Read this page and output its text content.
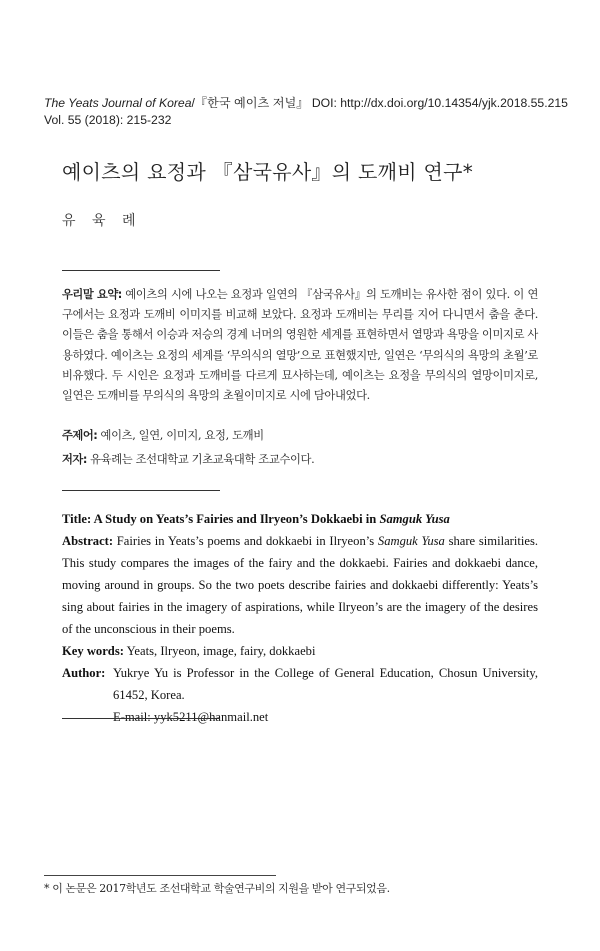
The Yeats Journal of Korea/『한국 예이츠 저널』 DOI: http://dx.doi.org/10.14354/yjk.2018.55.215
Vol. 55 (2018): 215-232
예이츠의 요정과 『삼국유사』의 도깨비 연구*
유 육 례

우리말 요약: 예이츠의 시에 나오는 요정과 일연의 『삼국유사』의 도깨비는 유사한 점이 있다. 이 연구에서는 요정과 도깨비 이미지를 비교해 보았다. 요정과 도깨비는 무리를 지어 다니면서 춤을 춘다. 이들은 춤을 통해서 이승과 저승의 경계 너머의 영원한 세계를 표현하면서 열망과 욕망을 이미지로 사용하였다. 예이츠는 요정의 세계를 ‘무의식의 열망’으로 표현했지만, 일연은 ‘무의식의 욕망의 초월’로 비유했다. 두 시인은 요정과 도깨비를 다르게 묘사하는데, 예이츠는 요정을 무의식의 열망이미지로, 일연은 도깨비를 무의식의 욕망의 초월이미지로 시에 담아내었다.

주제어: 예이츠, 일연, 이미지, 요정, 도깨비
저자: 유육례는 조선대학교 기초교육대학 조교수이다.

Title: A Study on Yeats’s Fairies and Ilryeon’s Dokkaebi in Samguk Yusa

Abstract: Fairies in Yeats’s poems and dokkaebi in Ilryeon’s Samguk Yusa share similarities. This study compares the images of the fairy and the dokkaebi. Fairies and dokkaebi dance, moving around in groups. So the two poets describe fairies and dokkaebi differently: Yeats’s sing about fairies in the imagery of aspirations, while Ilryeon’s are the imagery of the desires of the unconscious in their poems.

Key words: Yeats, Ilryeon, image, fairy, dokkaebi

Author: Yukrye Yu is Professor in the College of General Education, Chosun University, 61452, Korea.

E-mail: yyk5211@hanmail.net

* 이 논문은 2017학년도 조선대학교 학술연구비의 지원을 받아 연구되었음.
